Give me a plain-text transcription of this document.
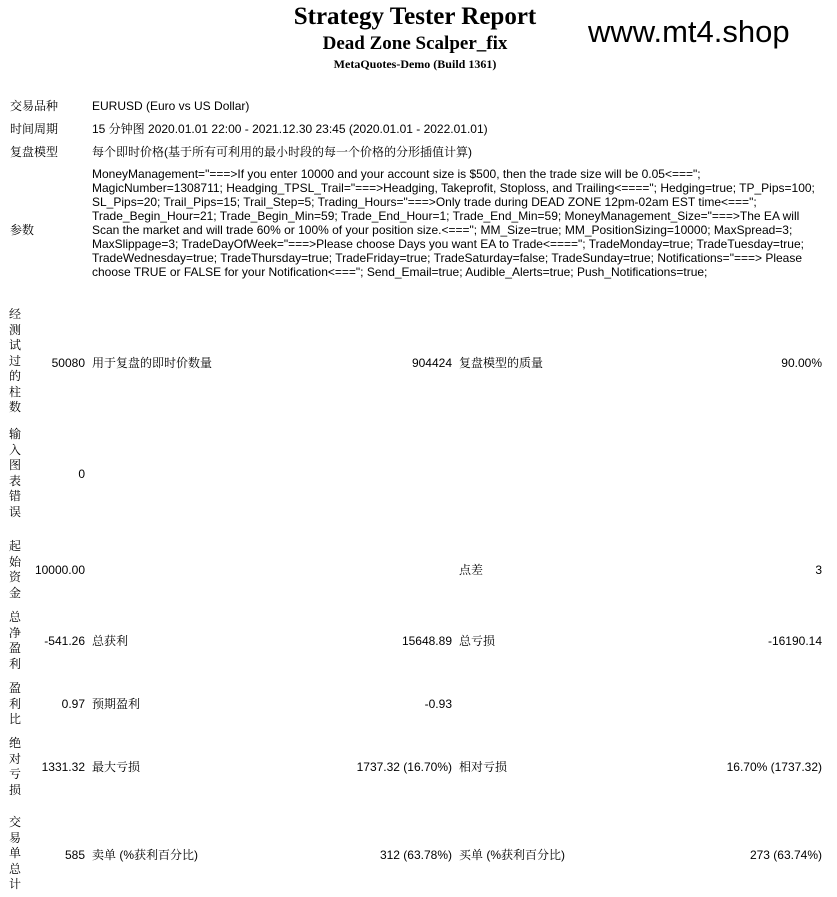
Strategy Tester Report
Dead Zone Scalper_fix
MetaQuotes-Demo (Build 1361)
www.mt4.shop
交易品种	EURUSD (Euro vs US Dollar)
时间周期	15 分钟图 2020.01.01 22:00 - 2021.12.30 23:45 (2020.01.01 - 2022.01.01)
复盘模型	每个即时价格(基于所有可利用的最小时段的每一个价格的分形插值计算)
参数
MoneyManagement="===>If you enter 10000 and your account size is $500, then the trade size will be 0.05<==="; MagicNumber=1308711; Headging_TPSL_Trail="===>Headging, Takeprofit, Stoploss, and Trailing<===="; Hedging=true; TP_Pips=100; SL_Pips=20; Trail_Pips=15; Trail_Step=5; Trading_Hours="===>Only trade during DEAD ZONE 12pm-02am EST time<==="; Trade_Begin_Hour=21; Trade_Begin_Min=59; Trade_End_Hour=1; Trade_End_Min=59; MoneyManagement_Size="===>The EA will Scan the market and will trade 60% or 100% of your position size.<==="; MM_Size=true; MM_PositionSizing=10000; MaxSpread=3; MaxSlippage=3; TradeDayOfWeek="===>Please choose Days you want EA to Trade<===="; TradeMonday=true; TradeTuesday=true; TradeWednesday=true; TradeThursday=true; TradeFriday=true; TradeSaturday=false; TradeSunday=true; Notifications="===> Please choose TRUE or FALSE for your Notification<==="; Send_Email=true; Audible_Alerts=true; Push_Notifications=true;
经
测
试
过
的
柱
数
50080 用于复盘的即时价数量	904424 复盘模型的质量	90.00%
输
入
图
表
错
误
0
起
始
资
金
10000.00	点差	3
总
净
盈
利
-541.26 总获利	15648.89 总亏损	-16190.14
盈
利
比
0.97 预期盈利	-0.93
绝
对
亏
损
1331.32 最大亏损	1737.32 (16.70%) 相对亏损	16.70% (1737.32)
交
易
单
总
计
585 卖单 (%获利百分比)	312 (63.78%) 买单 (%获利百分比)	273 (63.74%)
